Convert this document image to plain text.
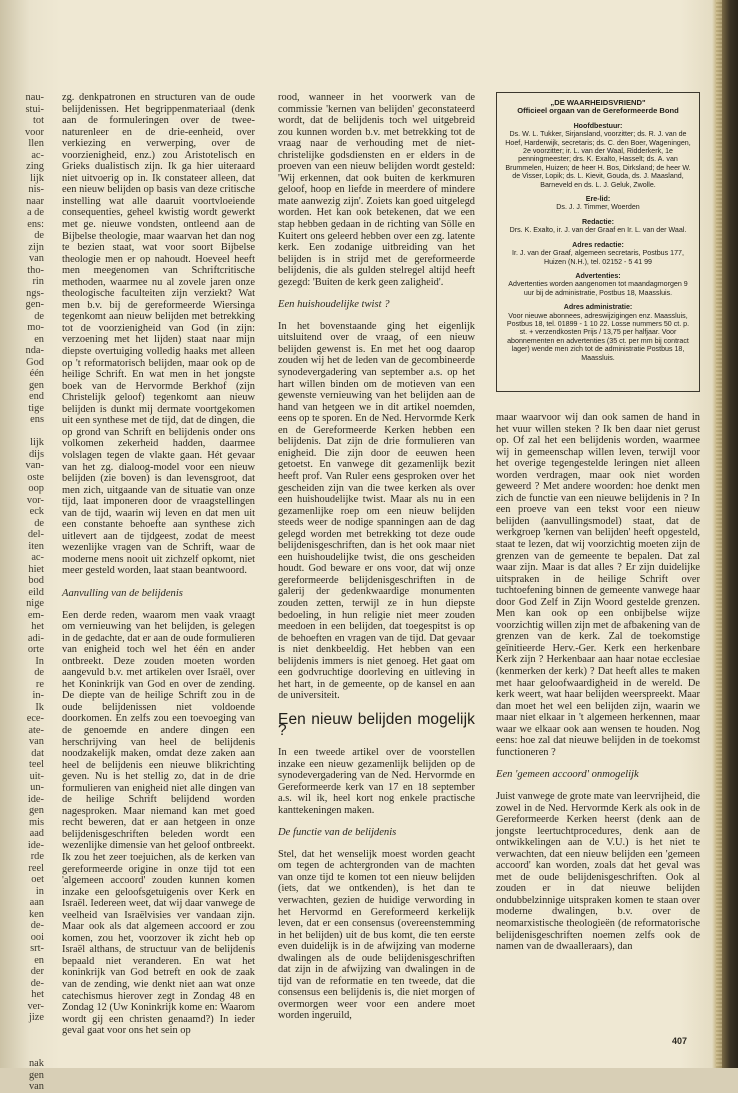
nau-
stui-
tot
voor
llen
ac-
zing
lijk
nis-
naar
a de
ens:
de
zijn
van
tho-
rin
ngs-
gen-
de
mo-
en
nda-
God
één
gen
end
tige
ens

lijk
dijs
van-
oste
oop
vor-
eck
de
del-
iten
ac-
hiet
bod
eild
nige
em-
het
adi-
orte
In
de
re
in-
Ik
ece-
ate-
van
dat
teel
uit-
un-
ide-
gen
mis
aad
ide-
rde
reel
oet
in
aan
ken
de-
ooi
srt-
en
der
de-
het
ver-
jize

nak
gen
van

zg. denkpatronen en structuren van de oude belijdenissen. Het begrippenmateriaal (denk aan de formuleringen over de twee-naturenleer en de drie-eenheid, over verkiezing en verwerping, over de voorzienigheid, enz.) zou Aristotelisch en Grieks dualistisch zijn. Ik ga hier uiteraard niet uitvoerig op in. Ik constateer alleen, dat een nieuw belijden op basis van deze critische instelling wat alle daaruit voortvloeiende consequenties, geheel kwistig wordt gewerkt met ge. nieuwe vondsten, ontleend aan de Bijbelse theologie, maar waarvan het dan nog te bezien staat, wat voor soort Bijbelse theologie men er op nahoudt. Hoeveel heeft men meegenomen van Schriftcritische methoden, waarmee nu al zovele jaren onze theologische faculteiten zijn verziekt? Wat men b.v. bij de gereformeerde Wiersinga tegenkomt aan nieuw belijden met betrekking tot de voorzienigheid van God (in zijn: verzoening met het lijden) staat naar mijn diepste overtuiging volledig haaks met alleen op 't reformatorisch belijden, maar ook op de heilige Schrift. En wat men in het jongste boek van de Hervormde Berkhof (zijn Christelijk geloof) tegenkomt aan nieuw belijden is dunkt mij dermate voortgekomen uit een synthese met de tijd, dat de dingen, die op grond van Schrift en belijdenis onder ons volkomen zekerheid hadden, daarmee volslagen tegen de vlakte gaan. Hét gevaar van het zg. dialoog-model voor een nieuw belijden (zie boven) is dan levensgroot, dat men zich, uitgaande van de situatie van onze tijd, laat imponeren door de vraagstellingen van de tijd, waarin wij leven en dat men uit een constante behoefte aan synthese zich uitlevert aan de tijdgeest, zodat de meest wezenlijke vragen van de Schrift, waar de moderne mens nooit uit zichzelf opkomt, niet meer gesteld worden, laat staan beantwoord.

Aanvulling van de belijdenis

Een derde reden, waarom men vaak vraagt om vernieuwing van het belijden, is gelegen in de gedachte, dat er aan de oude formulieren van enigheid toch wel het één en ander ontbreekt. Deze zouden moeten worden aangevuld b.v. met artikelen over Israël, over het Koninkrijk van God en over de zending. De diepte van de heilige Schrift zou in de oude belijdenissen niet voldoende doorkomen. En zelfs zou een toevoeging van de genoemde en andere dingen een herschrijving van heel de belijdenis noodzakelijk maken, omdat deze zaken aan heel de belijdenis een nieuwe blikrichting geven. Nu is het stellig zo, dat in de drie formulieren van enigheid niet alle dingen van de heilige Schrift belijdend worden nagesproken. Maar niemand kan met goed recht beweren, dat er aan hetgeen in onze belijdenisgeschriften beleden wordt een wezenlijke dimensie van het geloof ontbreekt. Ik zou het zeer toejuichen, als de kerken van gereformeerde origine in onze tijd tot een 'algemeen accoord' zouden kunnen komen inzake een geloofsgetuigenis over Kerk en Israël. Iedereen weet, dat wij daar vanwege de veelheid van Israëlvisies ver vandaan zijn. Maar ook als dat algemeen accoord er zou komen, zou het, voorzover ik zicht heb op Israël althans, de structuur van de belijdenis bepaald niet veranderen. En wat het koninkrijk van God betreft en ook de zaak van de zending, wie denkt niet aan wat onze catechismus hierover zegt in Zondag 48 en Zondag 12 (Uw Koninkrijk kome en: Waarom wordt gij een christen genaamd?) In ieder geval gaat voor ons het sein op

rood, wanneer in het voorwerk van de commissie 'kernen van belijden' geconstateerd wordt, dat de belijdenis toch wel uitgebreid zou kunnen worden b.v. met betrekking tot de vraag naar de verhouding met de niet-christelijke godsdiensten en er elders in de proeven van een nieuw belijden wordt gesteld: 'Wij erkennen, dat ook buiten de kerkmuren geloof, hoop en liefde in meerdere of mindere mate aanwezig zijn'. Zoiets kan goed uitgelegd worden. Het kan ook betekenen, dat we een stap hebben gedaan in de richting van Sölle en Kuitert ons geleerd hebben over een zg. latente kerk. Een zodanige uitbreiding van het belijden is in strijd met de gereformeerde belijdenis, die als gulden stelregel altijd heeft gezegd: 'Buiten de kerk geen zaligheid'.

Een huishoudelijke twist ?

In het bovenstaande ging het eigenlijk uitsluitend over de vraag, of een nieuw belijden gewenst is. En met het oog daarop zouden wij het de leden van de gecombineerde synodevergadering van september a.s. op het hart willen binden om de motieven van een gewenste vernieuwing van het belijden aan de hand van hetgeen we in dit artikel noemden, eens op te sporen. En de Ned. Hervormde Kerk en de Gereformeerde Kerken hebben een belijdenis. Dat zijn de drie formulieren van enigheid. Die zijn door de eeuwen heen getoetst. En vanwege dit gezamenlijk bezit heeft prof. Van Ruler eens gesproken over het gescheiden zijn van die twee kerken als over een huishoudelijke twist. Maar als nu in een gezamenlijke roep om een nieuw belijden steeds weer de nodige spanningen aan de dag gelegd worden met betrekking tot deze oude belijdenisgeschriften, dan is het ook maar niet een huishoudelijke twist, die ons gescheiden houdt. God beware er ons voor, dat wij onze gereformeerde belijdenisgeschriften in de galerij der gedenkwaardige monumenten zouden zetten, terwijl ze in hun diepste bedoeling, in hun religie niet meer zouden meedoen in een belijden, dat toegespitst is op de behoeften en vragen van de tijd. Dat gevaar is niet denkbeeldig. Het hebben van een belijdenis immers is niet genoeg. Het gaat om een godvruchtige doorleving en uitleving in het hart, in de gemeente, op de kansel en aan de universiteit.

Een nieuw belijden mogelijk ?

In een tweede artikel over de voorstellen inzake een nieuw gezamenlijk belijden op de synodevergadering van de Ned. Hervormde en Gereformeerde kerk van 17 en 18 september a.s. wil ik, heel kort nog enkele practische kanttekeningen maken.

De functie van de belijdenis

Stel, dat het wenselijk moest worden geacht om tegen de achtergronden van de machten van onze tijd te komen tot een nieuw belijden (iets, dat we ontkenden), is het dan te verwachten, gezien de huidige verwording in het Hervormd en Gereformeerd kerkelijk leven, dat er een consensus (overeenstemming in het belijden) uit de bus komt, die ten eerste even duidelijk is in de afwijzing van moderne dwalingen als de oude belijdenisgeschriften dat zijn in de afwijzing van dwalingen in de tijd van de reformatie en ten tweede, dat die consensus een belijdenis is, die niet morgen of overmorgen weer voor een andere moet worden ingeruild,

„DE WAARHEIDSVRIEND"
Officieel orgaan van de Gereformeerde Bond
Hoofdbestuur:

Ds. W. L. Tukker, Sirjansland, voorzitter; ds. R. J. van de Hoef, Harderwijk, secretaris; ds. C. den Boer, Wageningen, 2e voorzitter; ir. L. van der Waal, Ridderkerk, 1e penningmeester; drs. K. Exalto, Hasselt; ds. A. van Brummelen, Huizen; de heer H. Bos, Dirksland; de heer W. de Visser, Lopik; ds. L. Kievit, Gouda, ds. J. Maasland, Barneveld en ds. L. J. Geluk, Zwolle.

Ere-lid:

Ds. J. J. Timmer, Woerden

Redactie:

Drs. K. Exalto, ir. J. van der Graaf en Ir. L. van der Waal.

Adres redactie:

Ir. J. van der Graaf, algemeen secretaris, Postbus 177, Huizen (N.H.), tel. 02152 - 5 41 99

Advertenties:

Advertenties worden aangenomen tot maandagmorgen 9 uur bij de administratie, Postbus 18, Maassluis.

Adres administratie:

Voor nieuwe abonnees, adreswijzigingen enz. Maassluis, Postbus 18, tel. 01899 - 1 10 22. Losse nummers 50 ct. p. st. + verzendkosten Prijs / 13,75 per halfjaar. Voor abonnementen en advertenties (35 ct. per mm bij contract lager) wende men zich tot de administratie Postbus 18, Maassluis.

maar waarvoor wij dan ook samen de hand in het vuur willen steken ? Ik ben daar niet gerust op. Of zal het een belijdenis worden, waarmee wij in gemeenschap willen leven, terwijl voor het overige tegengestelde leringen niet alleen worden verdragen, maar ook niet worden geweerd ? Met andere woorden: hoe denkt men zich de functie van een nieuwe belijdenis in ? In een proeve van een tekst voor een nieuw belijden (aanvullingsmodel) staat, dat de werkgroep 'kernen van belijden' heeft opgesteld, staat te lezen, dat wij voorzichtig moeten zijn de grenzen van de gemeente te bepalen. Dat zal waar zijn. Maar is dat alles ? Er zijn duidelijke uitspraken in de heilige Schrift over tuchtoefening binnen de gemeente vanwege haar door God Zelf in Zijn Woord gestelde grenzen. Men kan ook op een onbijbelse wijze voorzichtig willen zijn met de afbakening van de grenzen van de kerk. Zal de toekomstige geïnitieerde Herv.-Ger. Kerk een herkenbare Kerk zijn ? Herkenbaar aan haar notae ecclesiae (kenmerken der kerk) ? Dat heeft alles te maken met haar geloofwaardigheid in de wereld. De kerk weert, wat haar belijden weerspreekt. Maar dan moet het wel een belijden zijn, waarin we maar niet elkaar in 't algemeen herkennen, maar waar we elkaar ook aan wensen te houden. Nog eens: hoe zal dat nieuwe belijden in de toekomst functioneren ?

Een 'gemeen accoord' onmogelijk

Juist vanwege de grote mate van leervrijheid, die zowel in de Ned. Hervormde Kerk als ook in de Gereformeerde Kerken heerst (denk aan de jongste leertuchtprocedures, denk aan de ontwikkelingen aan de V.U.) is het niet te verwachten, dat een nieuw belijden een 'gemeen accoord' kan worden, zoals dat het geval was met de oude belijdenisgeschriften. Ook al zouden er in dat nieuwe belijden ondubbelzinnige uitspraken komen te staan over moderne dwalingen, b.v. over de neomarxistische theologieën (de reformatorische belijdenisgeschriften noemen zelfs ook de namen van de dwaalleraars), dan

407
